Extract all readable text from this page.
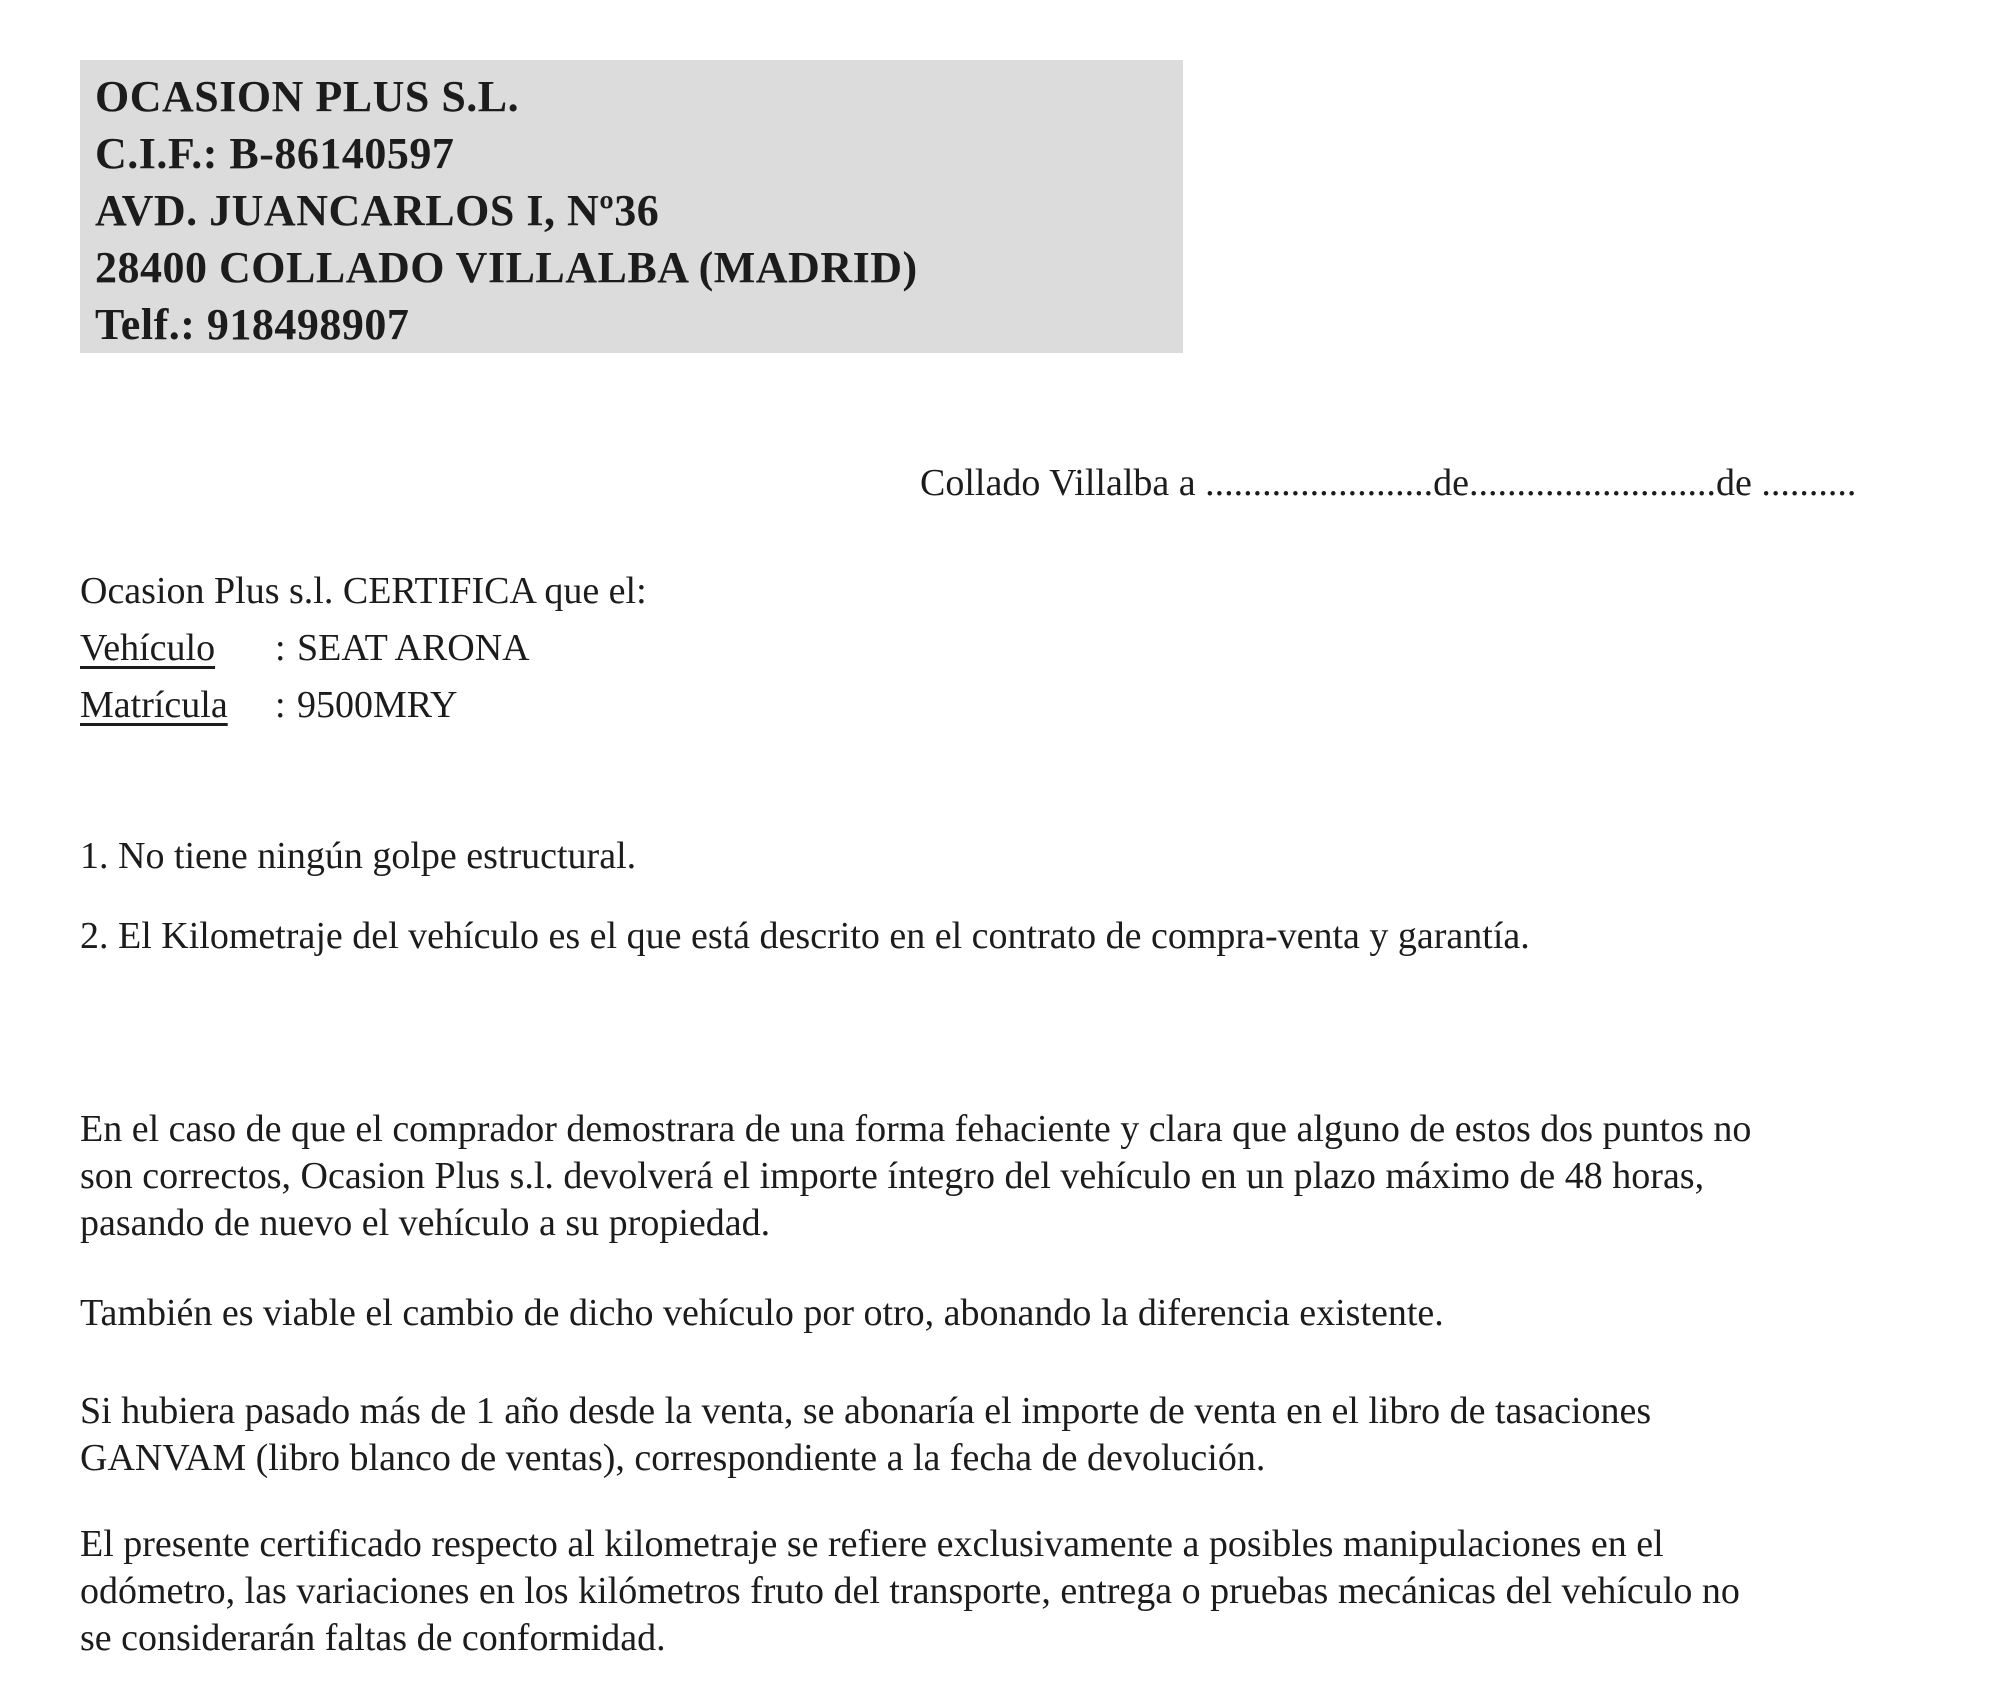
OCASION PLUS S.L.
C.I.F.: B-86140597
AVD. JUANCARLOS I, Nº36
28400 COLLADO VILLALBA (MADRID)
Telf.: 918498907
Collado Villalba a ........................de..........................de ..........
Ocasion Plus s.l. CERTIFICA que el:
Vehículo	: SEAT ARONA
Matrícula	: 9500MRY
1. No tiene ningún golpe estructural.
2. El Kilometraje del vehículo es el que está descrito en el contrato de compra-venta y garantía.
En el caso de que el comprador demostrara de una forma fehaciente y clara que alguno de estos dos puntos no
son correctos, Ocasion Plus s.l. devolverá el importe íntegro del vehículo en un plazo máximo de 48 horas,
pasando de nuevo el vehículo a su propiedad.
También es viable el cambio de dicho vehículo por otro, abonando la diferencia existente.
Si hubiera pasado más de 1 año desde la venta, se abonaría el importe de venta en el libro de tasaciones
GANVAM (libro blanco de ventas), correspondiente a la fecha de devolución.
El presente certificado respecto al kilometraje se refiere exclusivamente a posibles manipulaciones en el
odómetro, las variaciones en los kilómetros fruto del transporte, entrega o pruebas mecánicas del vehículo no
se considerarán faltas de conformidad.
